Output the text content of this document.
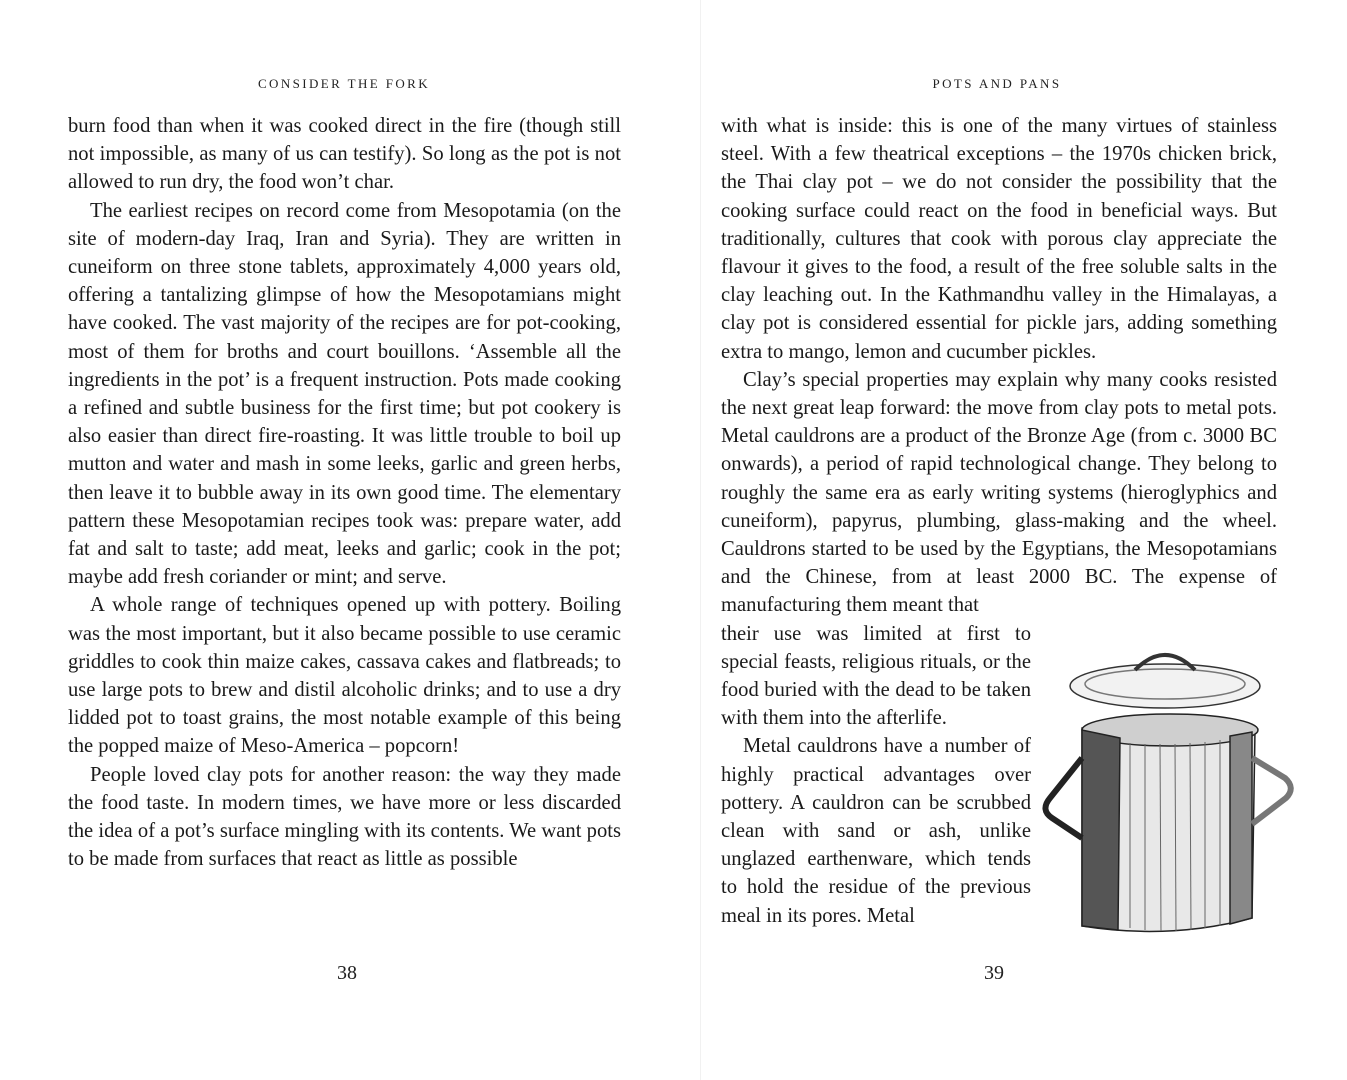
CONSIDER THE FORK

burn food than when it was cooked direct in the fire (though still not impossible, as many of us can testify). So long as the pot is not allowed to run dry, the food won’t char.

The earliest recipes on record come from Mesopotamia (on the site of modern-day Iraq, Iran and Syria). They are written in cuneiform on three stone tablets, approximately 4,000 years old, offering a tantalizing glimpse of how the Mesopotamians might have cooked. The vast majority of the recipes are for pot-cooking, most of them for broths and court bouillons. ‘Assemble all the ingredients in the pot’ is a frequent instruction. Pots made cooking a refined and subtle business for the first time; but pot cookery is also easier than direct fire-roasting. It was little trouble to boil up mutton and water and mash in some leeks, garlic and green herbs, then leave it to bubble away in its own good time. The elementary pattern these Mesopotamian recipes took was: prepare water, add fat and salt to taste; add meat, leeks and garlic; cook in the pot; maybe add fresh coriander or mint; and serve.

A whole range of techniques opened up with pottery. Boiling was the most important, but it also became possible to use ceramic griddles to cook thin maize cakes, cassava cakes and flatbreads; to use large pots to brew and distil alcoholic drinks; and to use a dry lidded pot to toast grains, the most notable example of this being the popped maize of Meso-America – popcorn!

People loved clay pots for another reason: the way they made the food taste. In modern times, we have more or less discarded the idea of a pot’s surface mingling with its contents. We want pots to be made from surfaces that react as little as possible

38
POTS AND PANS

with what is inside: this is one of the many virtues of stainless steel. With a few theatrical exceptions – the 1970s chicken brick, the Thai clay pot – we do not consider the possibility that the cooking surface could react on the food in beneficial ways. But traditionally, cultures that cook with porous clay appreciate the flavour it gives to the food, a result of the free soluble salts in the clay leaching out. In the Kathmandhu valley in the Himalayas, a clay pot is considered essential for pickle jars, adding something extra to mango, lemon and cucumber pickles.

Clay’s special properties may explain why many cooks resisted the next great leap forward: the move from clay pots to metal pots. Metal cauldrons are a product of the Bronze Age (from c. 3000 BC onwards), a period of rapid technological change. They belong to roughly the same era as early writing systems (hieroglyphics and cuneiform), papyrus, plumbing, glass-making and the wheel. Cauldrons started to be used by the Egyptians, the Mesopotamians and the Chinese, from at least 2000 BC. The expense of manufacturing them meant that

their use was limited at first to special feasts, religious rituals, or the food buried with the dead to be taken with them into the afterlife.

Metal cauldrons have a number of highly practical advantages over pottery. A cauldron can be scrubbed clean with sand or ash, unlike unglazed earthenware, which tends to hold the residue of the previous meal in its pores. Metal

39
